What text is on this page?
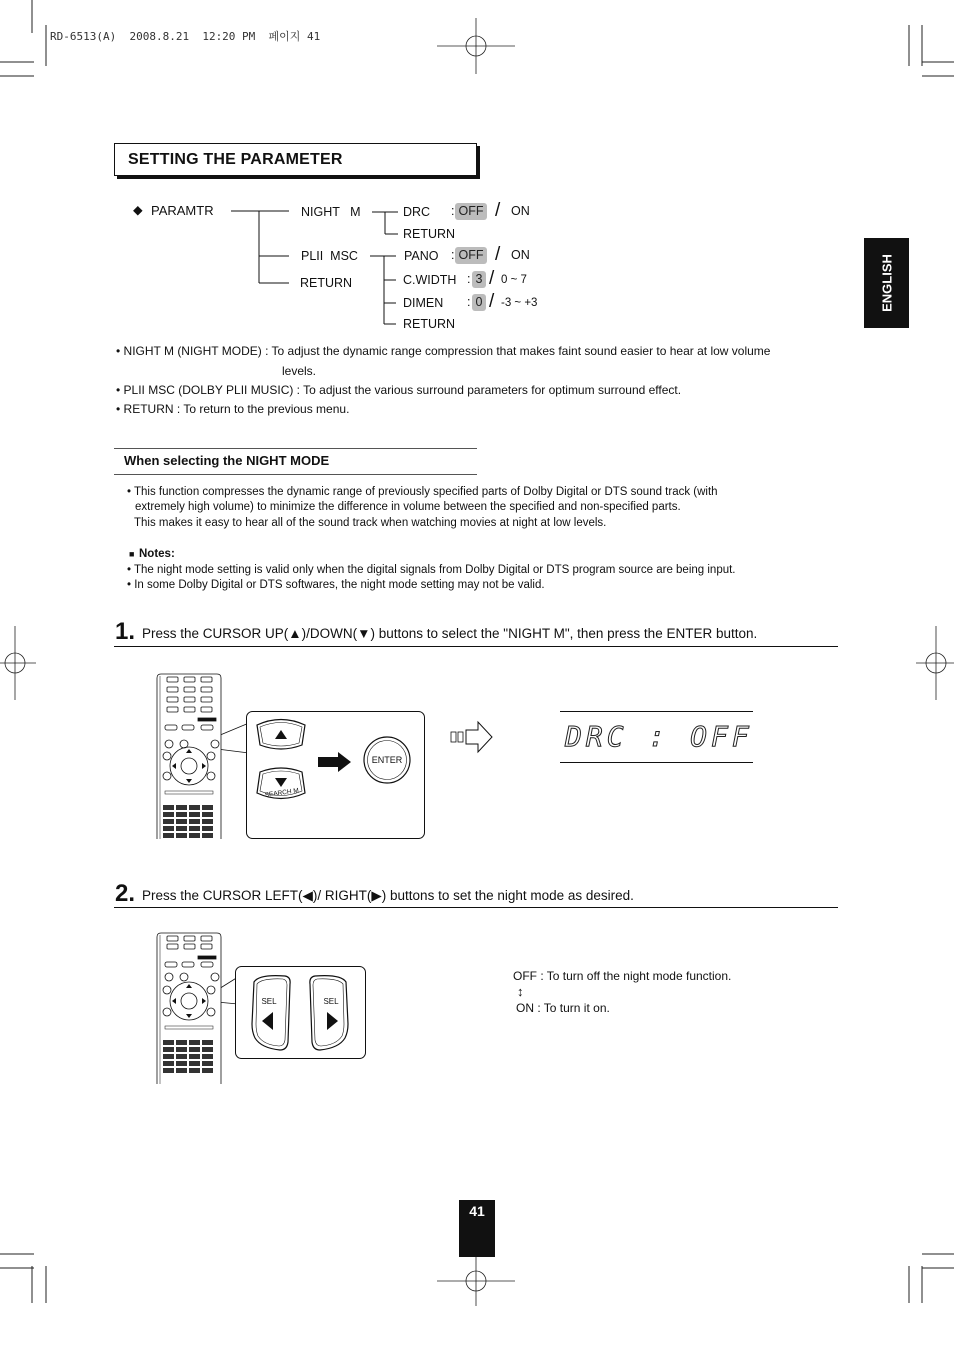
RD-6513(A)  2008.8.21  12:20 PM  페이지 41
ENGLISH
SETTING THE PARAMETER
◆ PARAMTR	NIGHT   M
PLII  MSC
RETURN
DRC : OFF / ON
RETURN
PANO : OFF / ON
C.WIDTH : 3 / 0 ~ 7
DIMEN : 0 / -3 ~ +3
RETURN
• NIGHT M (NIGHT MODE) : To adjust the dynamic range compression that makes faint sound easier to hear at low volume
levels.
• PLII MSC (DOLBY PLII MUSIC) : To adjust the various surround parameters for optimum surround effect.
• RETURN : To return to the previous menu.
When selecting the NIGHT MODE
• This function compresses the dynamic range of previously specified parts of Dolby Digital or DTS sound track (with
extremely high volume) to minimize the difference in volume between the specified and non-specified parts.
This makes it easy to hear all of the sound track when watching movies at night at low levels.
■ Notes:
• The night mode setting is valid only when the digital signals from Dolby Digital or DTS program source are being input.
• In some Dolby Digital or DTS softwares, the night mode setting may not be valid.
1. Press the CURSOR UP(▲)/DOWN(▼) buttons to select the "NIGHT M", then press the ENTER button.
SEARCH M
ENTER
DRC : OFF
2. Press the CURSOR LEFT(◀)/ RIGHT(▶) buttons to set the night mode as desired.
SEL	SEL
OFF : To turn off the night mode function.
↕
ON : To turn it on.
41
